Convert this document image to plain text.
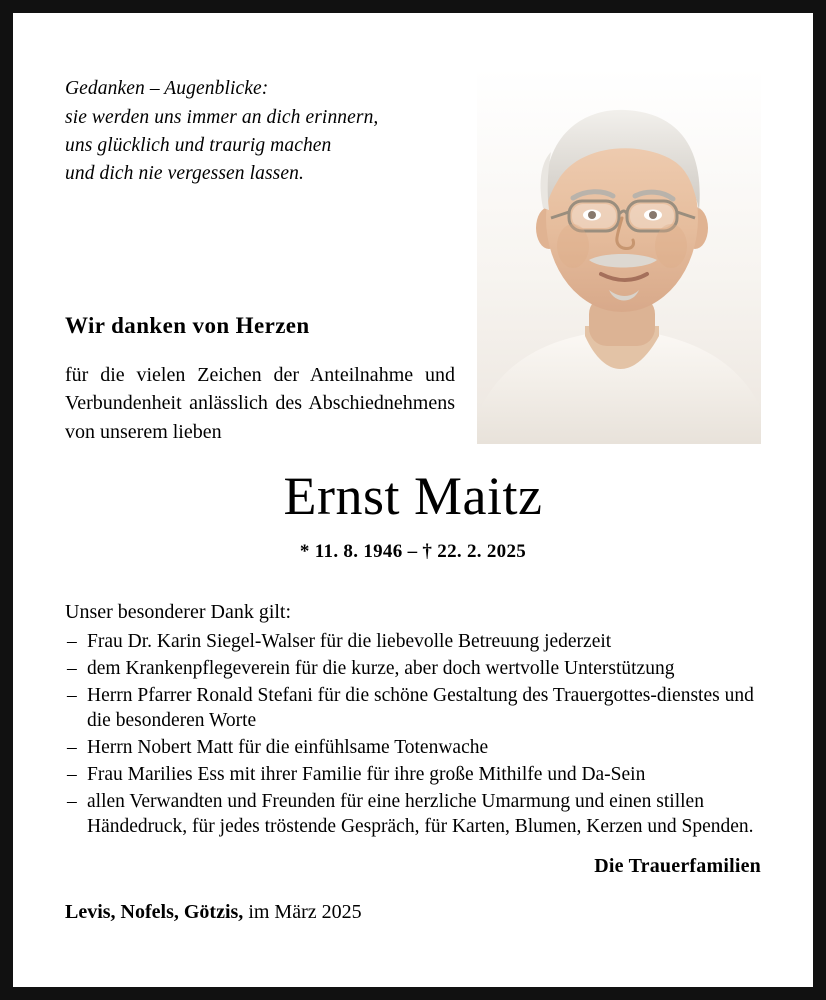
Gedanken – Augenblicke:
sie werden uns immer an dich erinnern,
uns glücklich und traurig machen
und dich nie vergessen lassen.
Wir danken von Herzen
für die vielen Zeichen der Anteilnahme und Verbundenheit anlässlich des Abschiednehmens von unserem lieben
Ernst Maitz
* 11. 8. 1946 – † 22. 2. 2025
Unser besonderer Dank gilt:
– Frau Dr. Karin Siegel-Walser für die liebevolle Betreuung jederzeit
– dem Krankenpflegeverein für die kurze, aber doch wertvolle Unterstützung
– Herrn Pfarrer Ronald Stefani für die schöne Gestaltung des Trauergottes-dienstes und die besonderen Worte
– Herrn Nobert Matt für die einfühlsame Totenwache
– Frau Marilies Ess mit ihrer Familie für ihre große Mithilfe und Da-Sein
– allen Verwandten und Freunden für eine herzliche Umarmung und einen stillen Händedruck, für jedes tröstende Gespräch, für Karten, Blumen, Kerzen und Spenden.
Die Trauerfamilien
Levis, Nofels, Götzis, im März 2025
